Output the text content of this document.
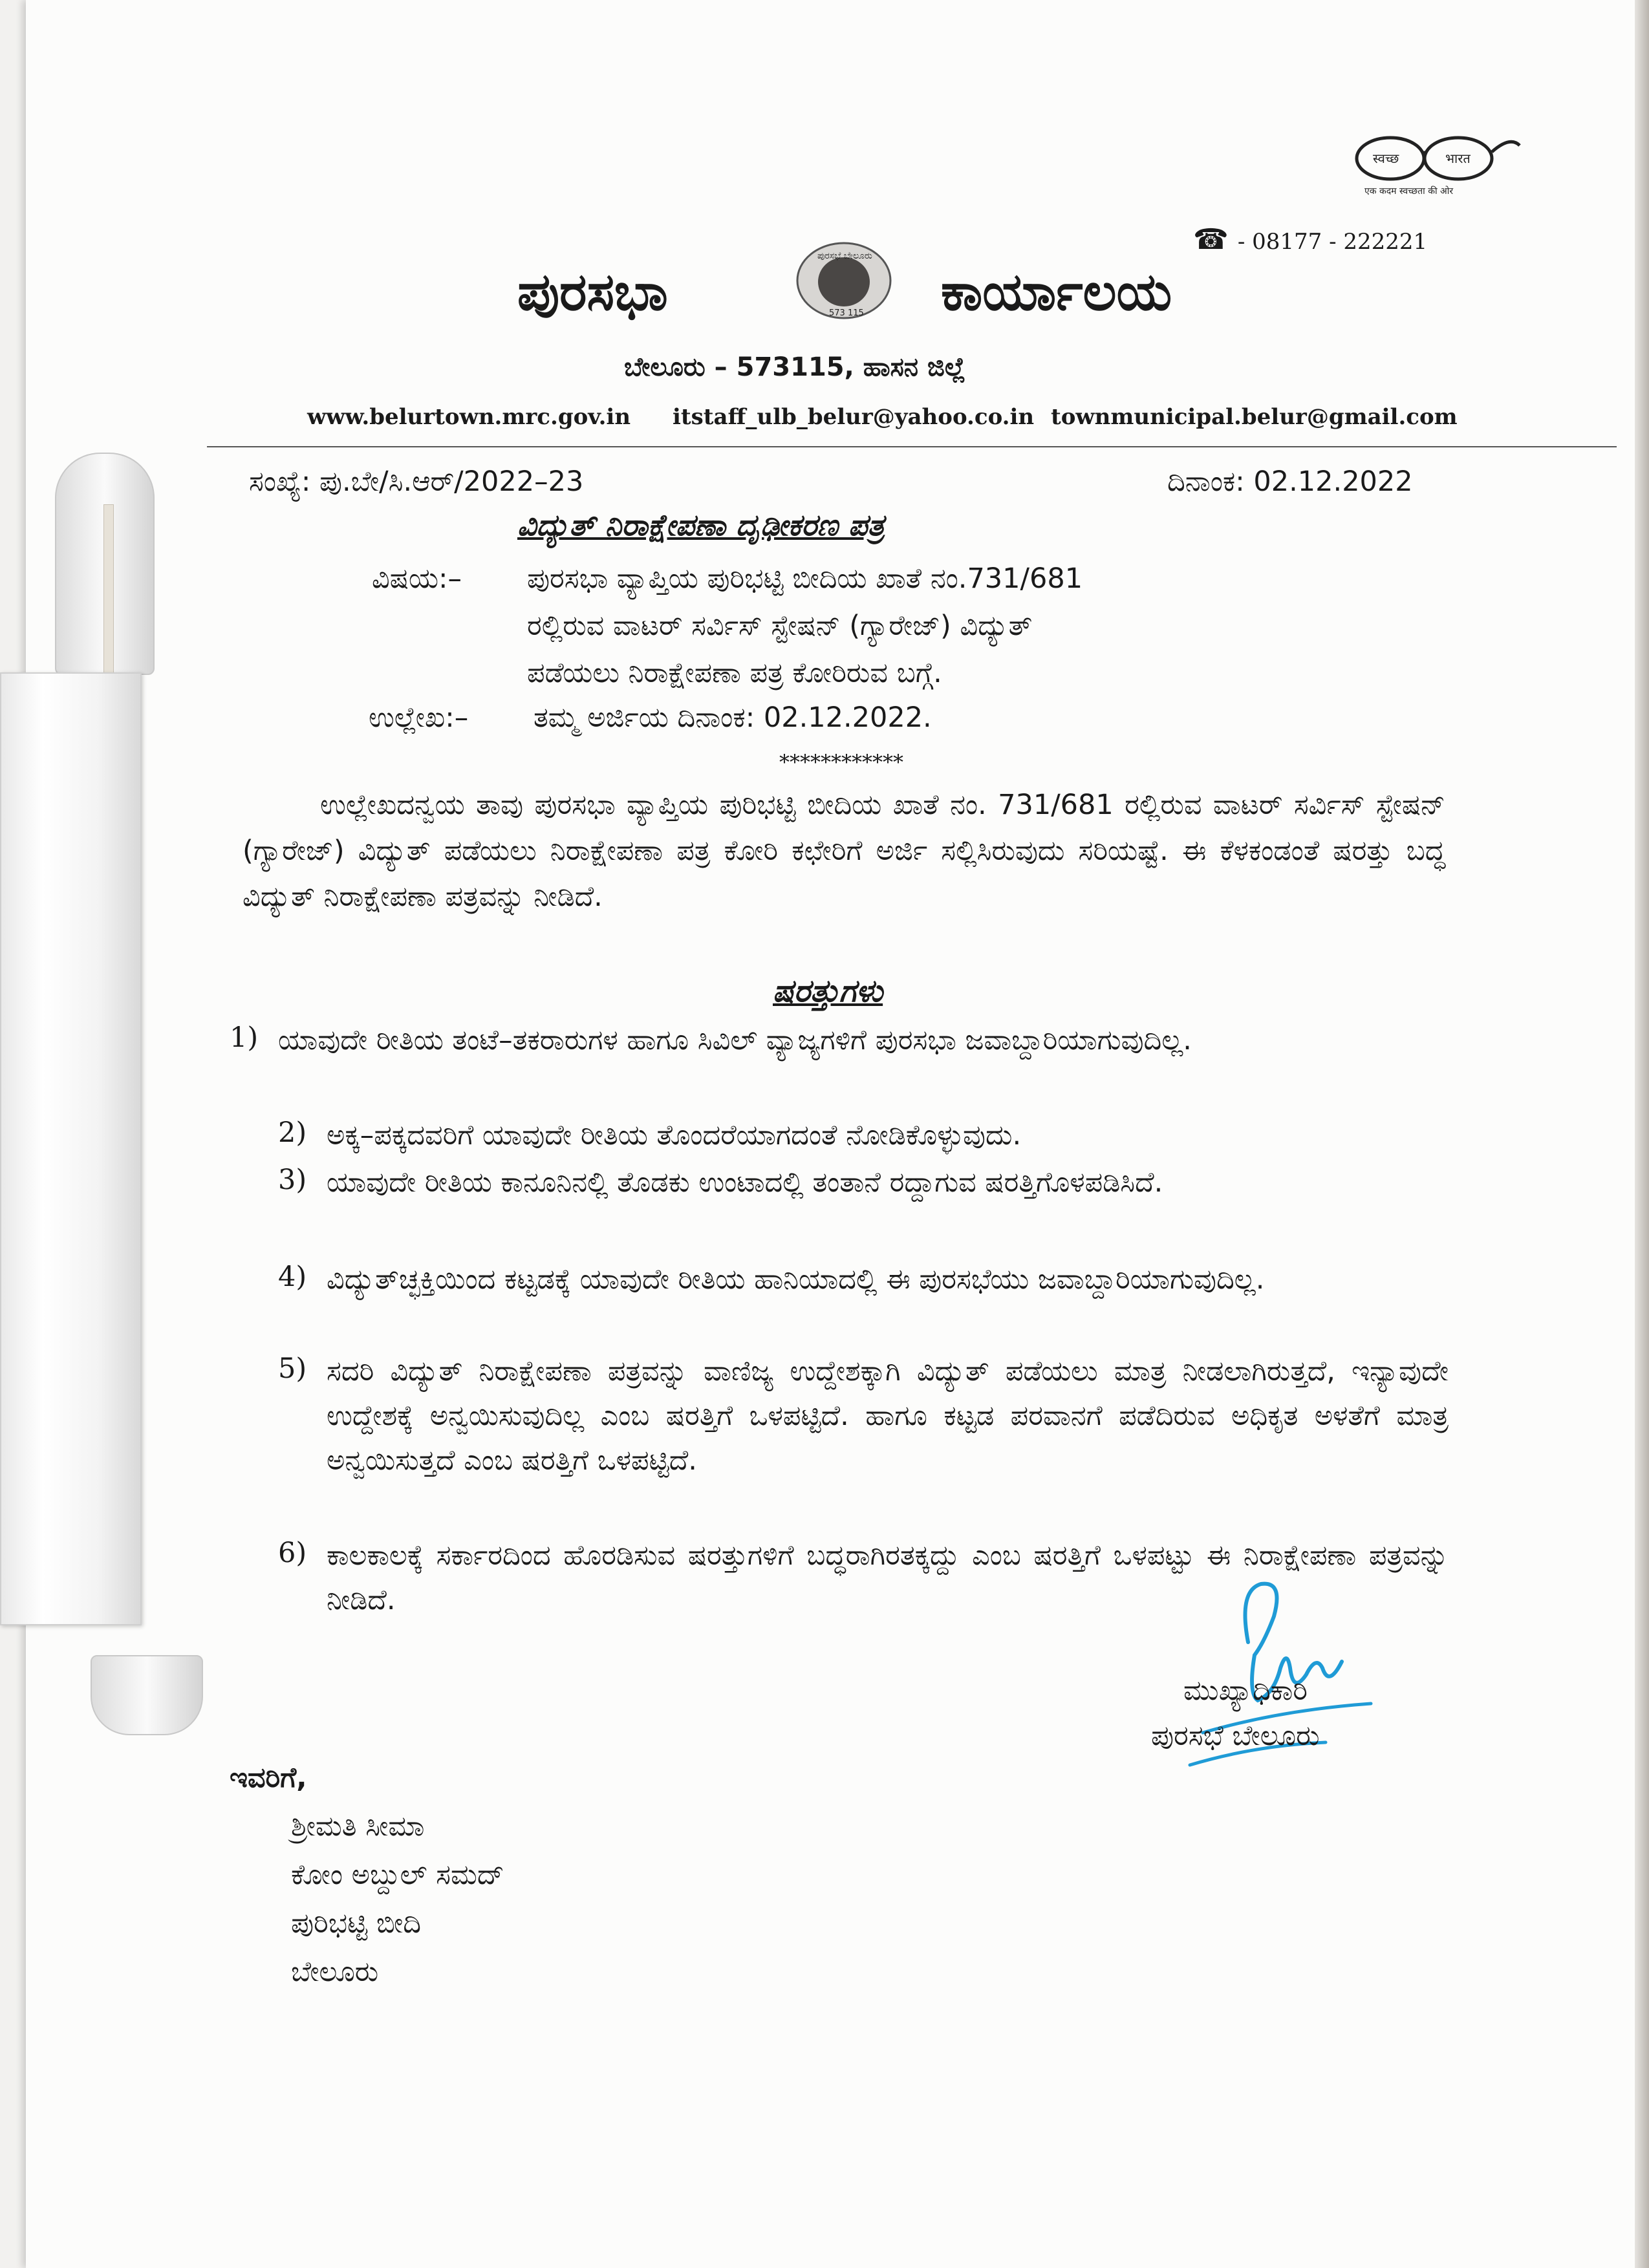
स्वच्छ	भारत
एक कदम स्वच्छता की ओर
☎ - 08177 - 222221
ಪುರಸಭಾ
ಪುರಸಭೆ ಬೇಲೂರು
573 115 ಕಾರ್ಯಾಲಯ
ಬೇಲೂರು – 573115, ಹಾಸನ ಜಿಲ್ಲೆ
www.belurtown.mrc.gov.in itstaff_ulb_belur@yahoo.co.in townmunicipal.belur@gmail.com
ಸಂಖ್ಯೆ: ಪು.ಬೇ/ಸಿ.ಆರ್/2022–23	ದಿನಾಂಕ: 02.12.2022
ವಿದ್ಯುತ್ ನಿರಾಕ್ಷೇಪಣಾ ದೃಢೀಕರಣ ಪತ್ರ
ವಿಷಯ:– ಪುರಸಭಾ ವ್ಯಾಪ್ತಿಯ ಪುರಿಭಟ್ಟಿ ಬೀದಿಯ ಖಾತೆ ನಂ.731/681
ರಲ್ಲಿರುವ ವಾಟರ್ ಸರ್ವಿಸ್ ಸ್ಟೇಷನ್ (ಗ್ಯಾರೇಜ್) ವಿದ್ಯುತ್
ಪಡೆಯಲು ನಿರಾಕ್ಷೇಪಣಾ ಪತ್ರ ಕೋರಿರುವ ಬಗ್ಗೆ.
ಉಲ್ಲೇಖ:– ತಮ್ಮ ಅರ್ಜಿಯ ದಿನಾಂಕ: 02.12.2022.
************
ಉಲ್ಲೇಖದನ್ವಯ ತಾವು ಪುರಸಭಾ ವ್ಯಾಪ್ತಿಯ ಪುರಿಭಟ್ಟಿ ಬೀದಿಯ ಖಾತೆ ನಂ. 731/681 ರಲ್ಲಿರುವ ವಾಟರ್ ಸರ್ವಿಸ್ ಸ್ಟೇಷನ್ (ಗ್ಯಾರೇಜ್) ವಿದ್ಯುತ್ ಪಡೆಯಲು ನಿರಾಕ್ಷೇಪಣಾ ಪತ್ರ ಕೋರಿ ಕಛೇರಿಗೆ ಅರ್ಜಿ ಸಲ್ಲಿಸಿರುವುದು ಸರಿಯಷ್ಟೆ. ಈ ಕೆಳಕಂಡಂತೆ ಷರತ್ತು ಬದ್ಧ ವಿದ್ಯುತ್ ನಿರಾಕ್ಷೇಪಣಾ ಪತ್ರವನ್ನು ನೀಡಿದೆ.
ಷರತ್ತುಗಳು
1) ಯಾವುದೇ ರೀತಿಯ ತಂಟೆ–ತಕರಾರುಗಳ ಹಾಗೂ ಸಿವಿಲ್ ವ್ಯಾಜ್ಯಗಳಿಗೆ ಪುರಸಭಾ ಜವಾಬ್ದಾರಿಯಾಗುವುದಿಲ್ಲ.
2) ಅಕ್ಕ–ಪಕ್ಕದವರಿಗೆ ಯಾವುದೇ ರೀತಿಯ ತೊಂದರೆಯಾಗದಂತೆ ನೋಡಿಕೊಳ್ಳುವುದು.
3) ಯಾವುದೇ ರೀತಿಯ ಕಾನೂನಿನಲ್ಲಿ ತೊಡಕು ಉಂಟಾದಲ್ಲಿ ತಂತಾನೆ ರದ್ದಾಗುವ ಷರತ್ತಿಗೊಳಪಡಿಸಿದೆ.
4) ವಿದ್ಯುತ್‌ಚ್ಛಕ್ತಿಯಿಂದ ಕಟ್ಟಡಕ್ಕೆ ಯಾವುದೇ ರೀತಿಯ ಹಾನಿಯಾದಲ್ಲಿ ಈ ಪುರಸಭೆಯು ಜವಾಬ್ದಾರಿಯಾಗುವುದಿಲ್ಲ.
5) ಸದರಿ ವಿದ್ಯುತ್ ನಿರಾಕ್ಷೇಪಣಾ ಪತ್ರವನ್ನು ವಾಣಿಜ್ಯ ಉದ್ದೇಶಕ್ಕಾಗಿ ವಿದ್ಯುತ್ ಪಡೆಯಲು ಮಾತ್ರ ನೀಡಲಾಗಿರುತ್ತದೆ, ಇನ್ಯಾವುದೇ ಉದ್ದೇಶಕ್ಕೆ ಅನ್ವಯಿಸುವುದಿಲ್ಲ ಎಂಬ ಷರತ್ತಿಗೆ ಒಳಪಟ್ಟಿದೆ. ಹಾಗೂ ಕಟ್ಟಡ ಪರವಾನಗೆ ಪಡೆದಿರುವ ಅಧಿಕೃತ ಅಳತೆಗೆ ಮಾತ್ರ ಅನ್ವಯಿಸುತ್ತದೆ ಎಂಬ ಷರತ್ತಿಗೆ ಒಳಪಟ್ಟಿದೆ.
6) ಕಾಲಕಾಲಕ್ಕೆ ಸರ್ಕಾರದಿಂದ ಹೊರಡಿಸುವ ಷರತ್ತುಗಳಿಗೆ ಬದ್ಧರಾಗಿರತಕ್ಕದ್ದು ಎಂಬ ಷರತ್ತಿಗೆ ಒಳಪಟ್ಟು ಈ ನಿರಾಕ್ಷೇಪಣಾ ಪತ್ರವನ್ನು ನೀಡಿದೆ.
ಮುಖ್ಯಾಧಿಕಾರಿ
ಪುರಸಭೆ ಬೇಲೂರು
ಇವರಿಗೆ,
ಶ್ರೀಮತಿ ಸೀಮಾ
ಕೋಂ ಅಬ್ದುಲ್ ಸಮದ್
ಪುರಿಭಟ್ಟಿ ಬೀದಿ
ಬೇಲೂರು
